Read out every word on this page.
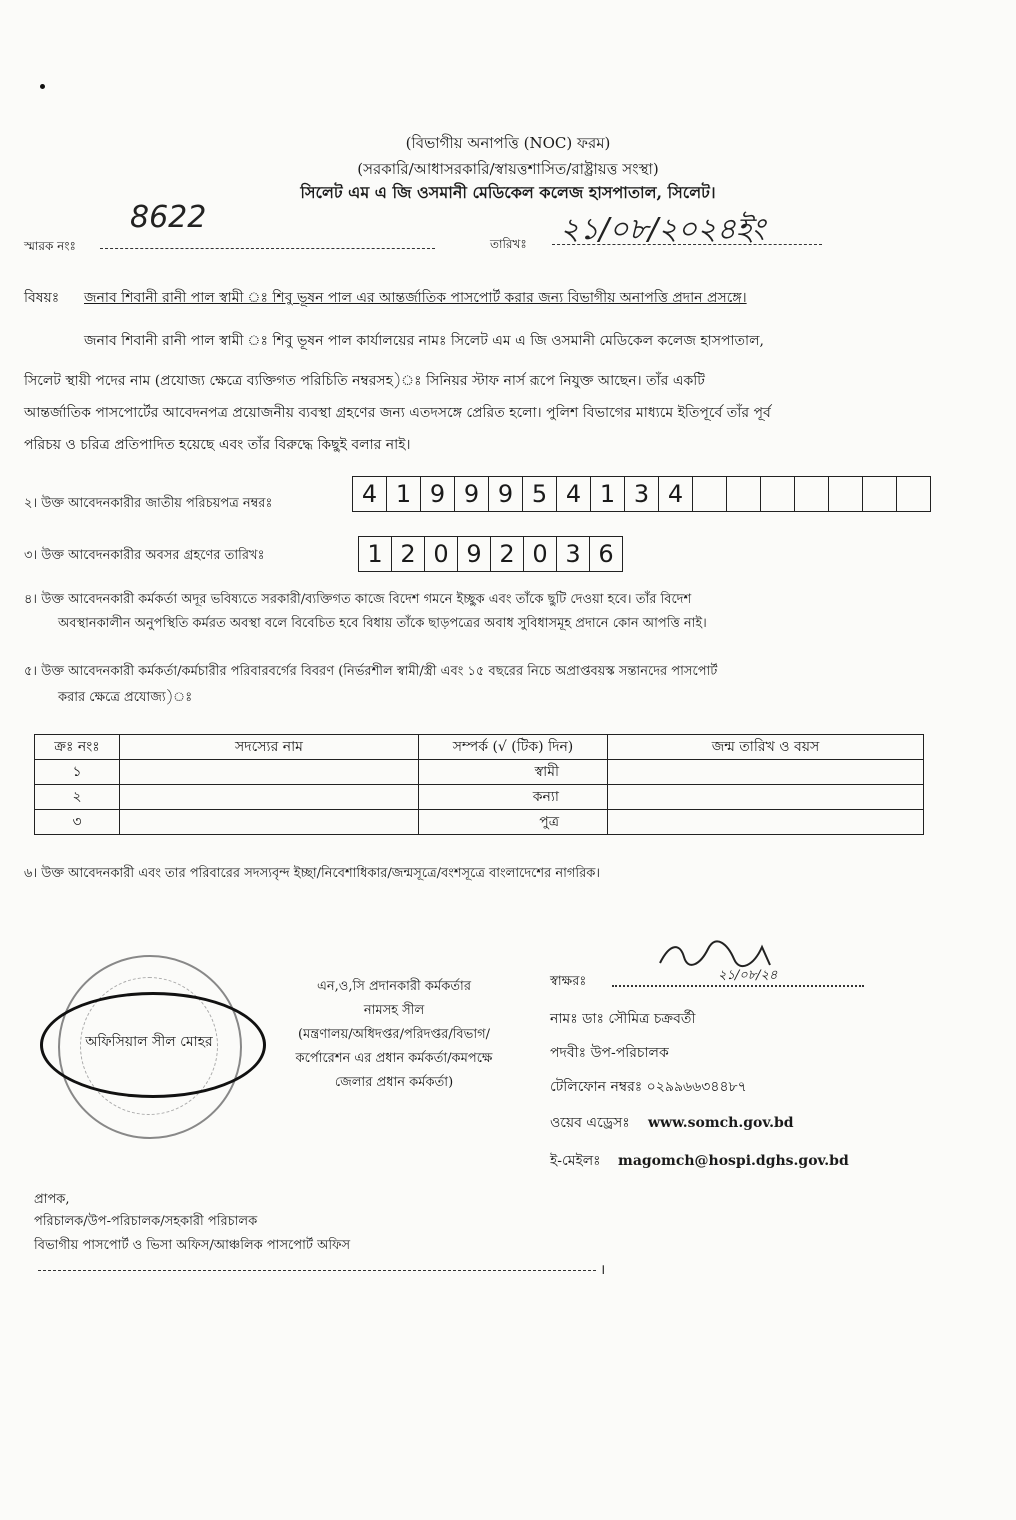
(বিভাগীয় অনাপত্তি (NOC) ফরম)
(সরকারি/আধাসরকারি/স্বায়ত্তশাসিত/রাষ্ট্রায়ত্ত সংস্থা)
সিলেট এম এ জি ওসমানী মেডিকেল কলেজ হাসপাতাল, সিলেট।
8622
স্মারক নংঃ	২১/০৮/২০২৪ইং
তারিখঃ
বিষয়ঃ জনাব শিবানী রানী পাল স্বামী ঃ শিবু ভূষন পাল এর আন্তর্জাতিক পাসপোর্ট করার জন্য বিভাগীয় অনাপত্তি প্রদান প্রসঙ্গে।
জনাব শিবানী রানী পাল স্বামী ঃ শিবু ভূষন পাল কার্যালয়ের নামঃ সিলেট এম এ জি ওসমানী মেডিকেল কলেজ হাসপাতাল,
সিলেট স্থায়ী পদের নাম (প্রযোজ্য ক্ষেত্রে ব্যক্তিগত পরিচিতি নম্বরসহ)ঃ সিনিয়র স্টাফ নার্স রূপে নিযুক্ত আছেন। তাঁর একটি
আন্তর্জাতিক পাসপোর্টের আবেদনপত্র প্রয়োজনীয় ব্যবস্থা গ্রহণের জন্য এতদসঙ্গে প্রেরিত হলো। পুলিশ বিভাগের মাধ্যমে ইতিপূর্বে তাঁর পূর্ব
পরিচয় ও চরিত্র প্রতিপাদিত হয়েছে এবং তাঁর বিরুদ্ধে কিছুই বলার নাই।
২। উক্ত আবেদনকারীর জাতীয় পরিচয়পত্র নম্বরঃ	4 1 9 9 9 5 4 1 3 4
৩। উক্ত আবেদনকারীর অবসর গ্রহণের তারিখঃ	1 2 0 9 2 0 3 6
৪। উক্ত আবেদনকারী কর্মকর্তা অদূর ভবিষ্যতে সরকারী/ব্যক্তিগত কাজে বিদেশ গমনে ইচ্ছুক এবং তাঁকে ছুটি দেওয়া হবে। তাঁর বিদেশ
অবস্থানকালীন অনুপস্থিতি কর্মরত অবস্থা বলে বিবেচিত হবে বিধায় তাঁকে ছাড়পত্রের অবাধ সুবিধাসমূহ প্রদানে কোন আপত্তি নাই।
৫। উক্ত আবেদনকারী কর্মকর্তা/কর্মচারীর পরিবারবর্গের বিবরণ (নির্ভরশীল স্বামী/স্ত্রী এবং ১৫ বছরের নিচে অপ্রাপ্তবয়স্ক সন্তানদের পাসপোর্ট
করার ক্ষেত্রে প্রযোজ্য)ঃ
ক্রঃ নংঃ	সদস্যের নাম	সম্পর্ক (√ (টিক) দিন)	জন্ম তারিখ ও বয়স
১		স্বামী	
২		কন্যা	
৩		পুত্র	
৬। উক্ত আবেদনকারী এবং তার পরিবারের সদস্যবৃন্দ ইচ্ছা/নিবেশাধিকার/জন্মসূত্রে/বংশসূত্রে বাংলাদেশের নাগরিক।
অফিসিয়াল সীল মোহর
এন,ও,সি প্রদানকারী কর্মকর্তার
নামসহ সীল
(মন্ত্রণালয়/অধিদপ্তর/পরিদপ্তর/বিভাগ/
কর্পোরেশন এর প্রধান কর্মকর্তা/কমপক্ষে
জেলার প্রধান কর্মকর্তা)
স্বাক্ষরঃ	২১/০৮/২৪
নামঃ ডাঃ সৌমিত্র চক্রবর্তী
পদবীঃ উপ-পরিচালক
টেলিফোন নম্বরঃ ০২৯৯৬৬৩৪৪৮৭
ওয়েব এড্রেসঃ www.somch.gov.bd
ই-মেইলঃ magomch@hospi.dghs.gov.bd
প্রাপক,
পরিচালক/উপ-পরিচালক/সহকারী পরিচালক
বিভাগীয় পাসপোর্ট ও ভিসা অফিস/আঞ্চলিক পাসপোর্ট অফিস
।
